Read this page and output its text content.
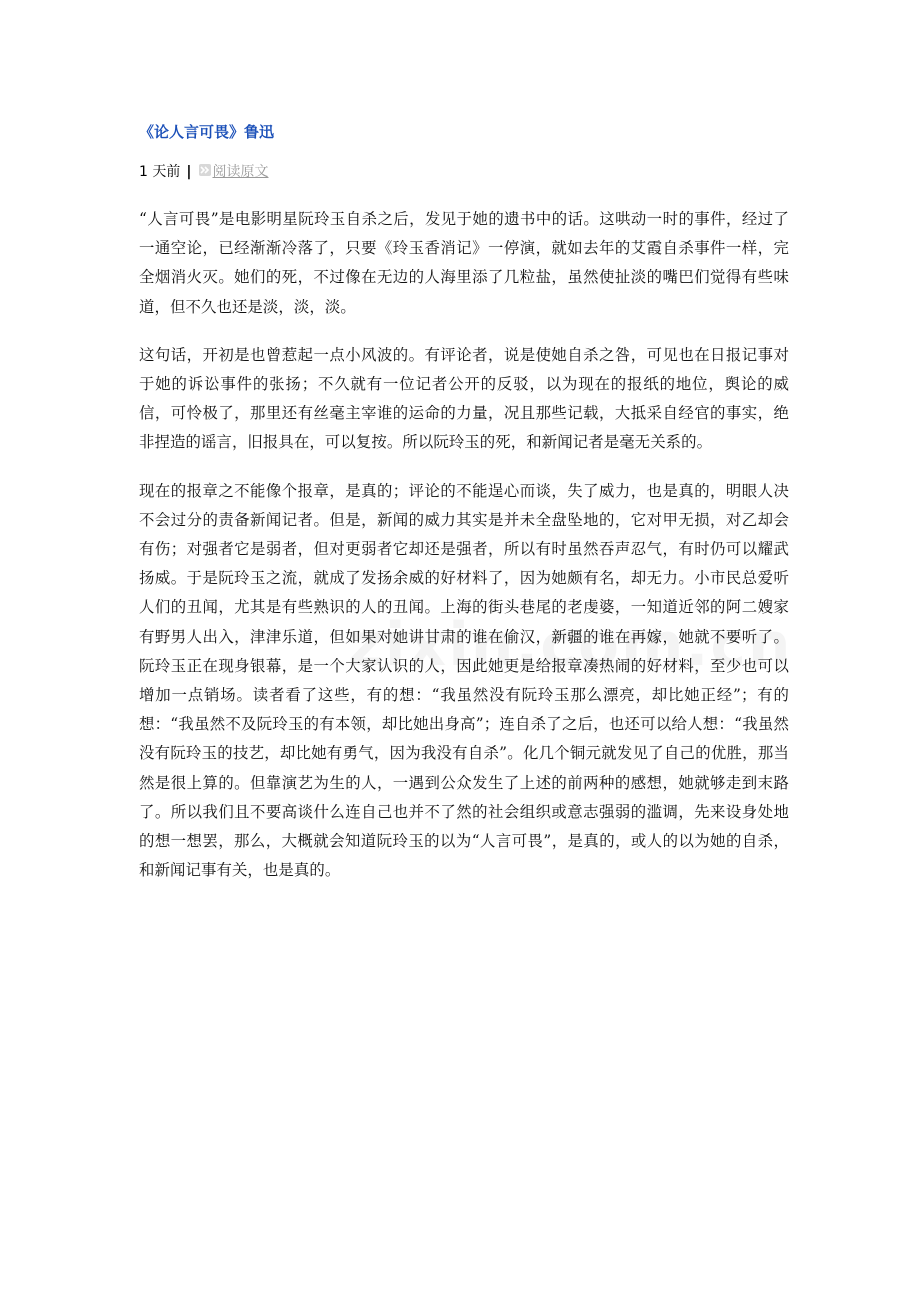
《论人言可畏》鲁迅
1 天前 | 阅读原文

“人言可畏”是电影明星阮玲玉自杀之后，发见于她的遗书中的话。这哄动一时的事件，经过了一通空论，已经渐渐冷落了，只要《玲玉香消记》一停演，就如去年的艾霞自杀事件一样，完全烟消火灭。她们的死，不过像在无边的人海里添了几粒盐，虽然使扯淡的嘴巴们觉得有些味道，但不久也还是淡，淡，淡。

这句话，开初是也曾惹起一点小风波的。有评论者，说是使她自杀之咎，可见也在日报记事对于她的诉讼事件的张扬；不久就有一位记者公开的反驳，以为现在的报纸的地位，舆论的威信，可怜极了，那里还有丝毫主宰谁的运命的力量，况且那些记载，大抵采自经官的事实，绝非捏造的谣言，旧报具在，可以复按。所以阮玲玉的死，和新闻记者是毫无关系的。

现在的报章之不能像个报章，是真的；评论的不能逞心而谈，失了威力，也是真的，明眼人决不会过分的责备新闻记者。但是，新闻的威力其实是并未全盘坠地的，它对甲无损，对乙却会有伤；对强者它是弱者，但对更弱者它却还是强者，所以有时虽然吞声忍气，有时仍可以耀武扬威。于是阮玲玉之流，就成了发扬余威的好材料了，因为她颇有名，却无力。小市民总爱听人们的丑闻，尤其是有些熟识的人的丑闻。上海的街头巷尾的老虔婆，一知道近邻的阿二嫂家有野男人出入，津津乐道，但如果对她讲甘肃的谁在偷汉，新疆的谁在再嫁，她就不要听了。阮玲玉正在现身银幕，是一个大家认识的人，因此她更是给报章凑热闹的好材料，至少也可以增加一点销场。读者看了这些，有的想：“我虽然没有阮玲玉那么漂亮，却比她正经”；有的想：“我虽然不及阮玲玉的有本领，却比她出身高”；连自杀了之后，也还可以给人想：“我虽然没有阮玲玉的技艺，却比她有勇气，因为我没有自杀”。化几个铜元就发见了自己的优胜，那当然是很上算的。但靠演艺为生的人，一遇到公众发生了上述的前两种的感想，她就够走到末路了。所以我们且不要高谈什么连自己也并不了然的社会组织或意志强弱的滥调，先来设身处地的想一想罢，那么，大概就会知道阮玲玉的以为“人言可畏”，是真的，或人的以为她的自杀，和新闻记事有关，也是真的。
